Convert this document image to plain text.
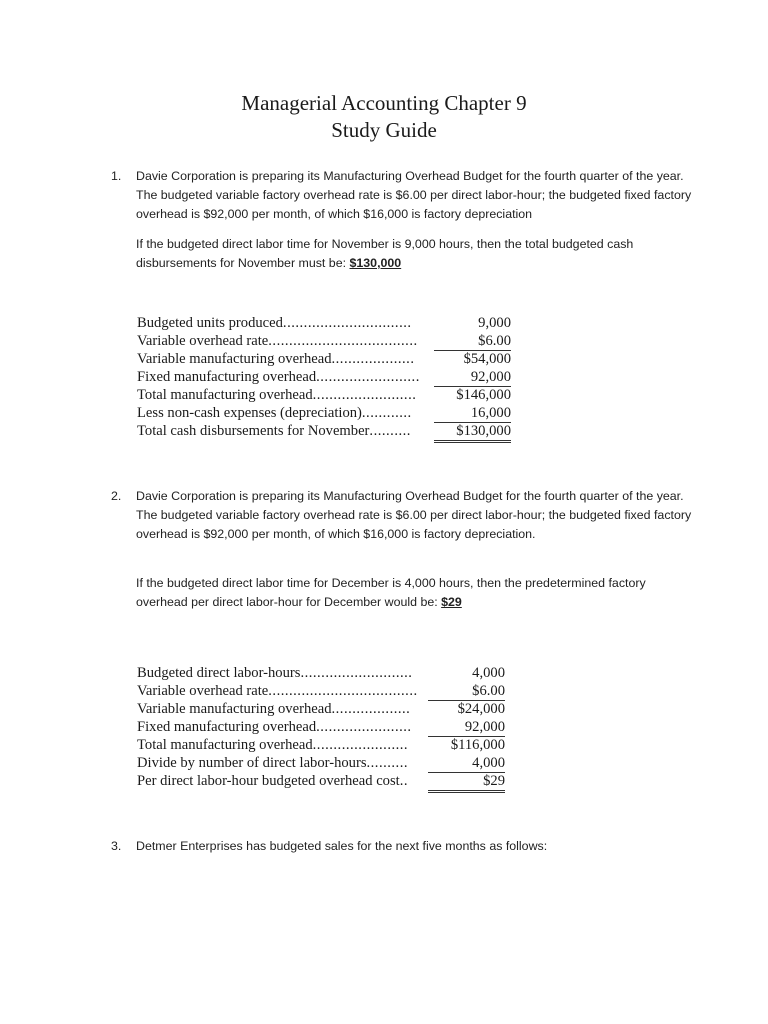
Managerial Accounting Chapter 9
Study Guide
1. Davie Corporation is preparing its Manufacturing Overhead Budget for the fourth quarter of the year. The budgeted variable factory overhead rate is $6.00 per direct labor-hour; the budgeted fixed factory overhead is $92,000 per month, of which $16,000 is factory depreciation

If the budgeted direct labor time for November is 9,000 hours, then the total budgeted cash disbursements for November must be: $130,000

Budgeted units produced...............................	9,000
Variable overhead rate....................................	$6.00
Variable manufacturing overhead....................	$54,000
Fixed manufacturing overhead.........................	92,000
Total manufacturing overhead.........................	$146,000
Less non-cash expenses (depreciation)............	16,000
Total cash disbursements for November..........	$130,000
2. Davie Corporation is preparing its Manufacturing Overhead Budget for the fourth quarter of the year. The budgeted variable factory overhead rate is $6.00 per direct labor-hour; the budgeted fixed factory overhead is $92,000 per month, of which $16,000 is factory depreciation.

If the budgeted direct labor time for December is 4,000 hours, then the predetermined factory overhead per direct labor-hour for December would be: $29

Budgeted direct labor-hours...........................	4,000
Variable overhead rate....................................	$6.00
Variable manufacturing overhead...................	$24,000
Fixed manufacturing overhead.......................	92,000
Total manufacturing overhead.......................	$116,000
Divide by number of direct labor-hours..........	4,000
Per direct labor-hour budgeted overhead cost..	$29
3. Detmer Enterprises has budgeted sales for the next five months as follows:
